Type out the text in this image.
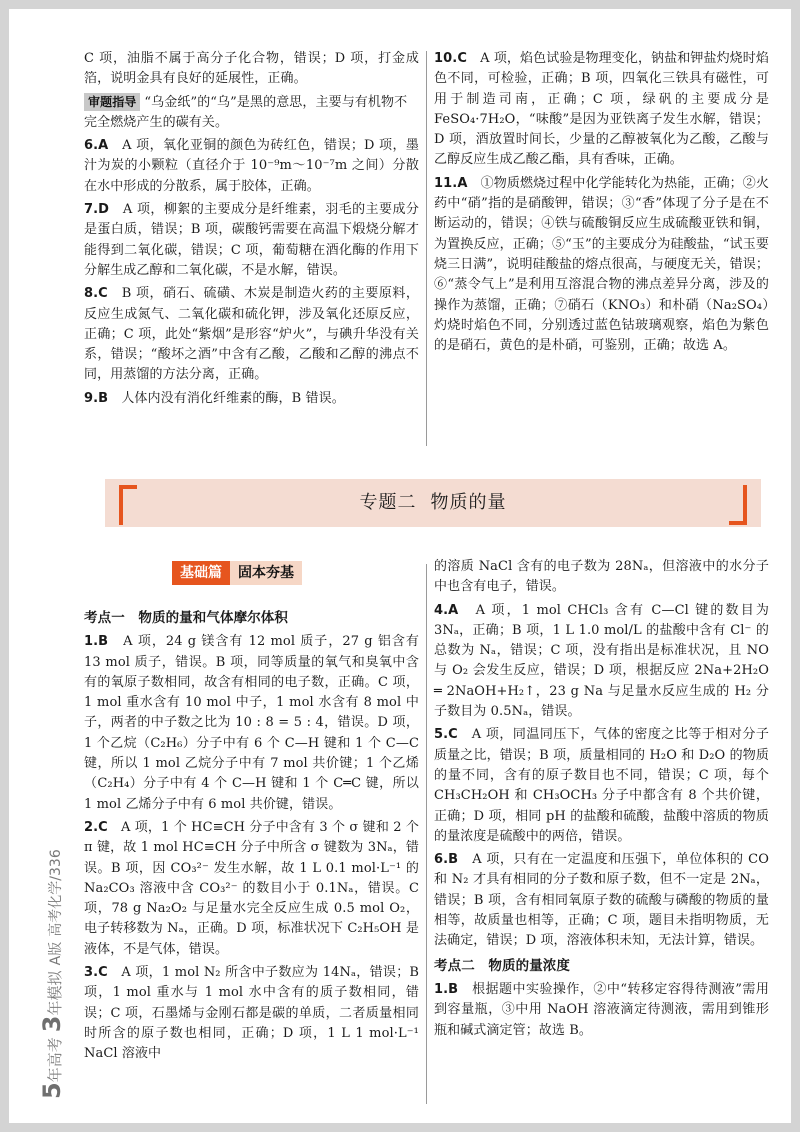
C 项，油脂不属于高分子化合物，错误；D 项，打金成箔，说明金具有良好的延展性，正确。

审题指导 “乌金纸”的“乌”是黑的意思，主要与有机物不完全燃烧产生的碳有关。

6.A　 A 项，氧化亚铜的颜色为砖红色，错误；D 项，墨汁为炭的小颗粒（直径介于 10⁻⁹m～10⁻⁷m 之间）分散在水中形成的分散系，属于胶体，正确。

7.D　 A 项，柳絮的主要成分是纤维素，羽毛的主要成分是蛋白质，错误；B 项，碳酸钙需要在高温下煅烧分解才能得到二氧化碳，错误；C 项，葡萄糖在酒化酶的作用下分解生成乙醇和二氧化碳，不是水解，错误。

8.C　 B 项，硝石、硫磺、木炭是制造火药的主要原料，反应生成氮气、二氧化碳和硫化钾，涉及氧化还原反应，正确；C 项，此处“紫烟”是形容“炉火”，与碘升华没有关系，错误；“酸坏之酒”中含有乙酸，乙酸和乙醇的沸点不同，用蒸馏的方法分离，正确。

9.B　 人体内没有消化纤维素的酶，B 错误。

10.C　 A 项，焰色试验是物理变化，钠盐和钾盐灼烧时焰色不同，可检验，正确；B 项，四氧化三铁具有磁性，可用于制造司南，正确；C 项，绿矾的主要成分是 FeSO₄·7H₂O，“味酸”是因为亚铁离子发生水解，错误；D 项，酒放置时间长，少量的乙醇被氧化为乙酸，乙酸与乙醇反应生成乙酸乙酯，具有香味，正确。

11.A　 ①物质燃烧过程中化学能转化为热能，正确；②火药中“硝”指的是硝酸钾，错误；③“香”体现了分子是在不断运动的，错误；④铁与硫酸铜反应生成硫酸亚铁和铜，为置换反应，正确；⑤“玉”的主要成分为硅酸盐，“试玉要烧三日满”，说明硅酸盐的熔点很高，与硬度无关，错误；⑥“蒸令气上”是利用互溶混合物的沸点差异分离，涉及的操作为蒸馏，正确；⑦硝石（KNO₃）和朴硝（Na₂SO₄）灼烧时焰色不同，分别透过蓝色钴玻璃观察，焰色为紫色的是硝石，黄色的是朴硝，可鉴别，正确；故选 A。

专题二 物质的量
基础篇	固本夯基
考点一　物质的量和气体摩尔体积

1.B　 A 项，24 g 镁含有 12 mol 质子，27 g 铝含有 13 mol 质子，错误。B 项，同等质量的氧气和臭氧中含有的氧原子数相同，故含有相同的电子数，正确。C 项，1 mol 重水含有 10 mol 中子，1 mol 水含有 8 mol 中子，两者的中子数之比为 10 : 8 = 5 : 4，错误。D 项，1 个乙烷（C₂H₆）分子中有 6 个 C—H 键和 1 个 C—C 键，所以 1 mol 乙烷分子中有 7 mol 共价键；1 个乙烯（C₂H₄）分子中有 4 个 C—H 键和 1 个 C═C 键，所以 1 mol 乙烯分子中有 6 mol 共价键，错误。

2.C　 A 项，1 个 HC≡CH 分子中含有 3 个 σ 键和 2 个 π 键，故 1 mol HC≡CH 分子中所含 σ 键数为 3Nₐ，错误。B 项，因 CO₃²⁻ 发生水解，故 1 L 0.1 mol·L⁻¹ 的 Na₂CO₃ 溶液中含 CO₃²⁻ 的数目小于 0.1Nₐ，错误。C 项，78 g Na₂O₂ 与足量水完全反应生成 0.5 mol O₂，电子转移数为 Nₐ，正确。D 项，标准状况下 C₂H₅OH 是液体，不是气体，错误。

3.C　 A 项，1 mol N₂ 所含中子数应为 14Nₐ，错误；B 项，1 mol 重水与 1 mol 水中含有的质子数相同，错误；C 项，石墨烯与金刚石都是碳的单质，二者质量相同时所含的原子数也相同，正确；D 项，1 L 1 mol·L⁻¹ NaCl 溶液中

的溶质 NaCl 含有的电子数为 28Nₐ，但溶液中的水分子中也含有电子，错误。

4.A　 A 项，1 mol CHCl₃ 含有 C—Cl 键的数目为 3Nₐ，正确；B 项，1 L 1.0 mol/L 的盐酸中含有 Cl⁻ 的总数为 Nₐ，错误；C 项，没有指出是标准状况，且 NO 与 O₂ 会发生反应，错误；D 项，根据反应 2Na+2H₂O ═ 2NaOH+H₂↑，23 g Na 与足量水反应生成的 H₂ 分子数目为 0.5Nₐ，错误。

5.C　 A 项，同温同压下，气体的密度之比等于相对分子质量之比，错误；B 项，质量相同的 H₂O 和 D₂O 的物质的量不同，含有的原子数目也不同，错误；C 项，每个 CH₃CH₂OH 和 CH₃OCH₃ 分子中都含有 8 个共价键，正确；D 项，相同 pH 的盐酸和硫酸，盐酸中溶质的物质的量浓度是硫酸中的两倍，错误。

6.B　 A 项，只有在一定温度和压强下，单位体积的 CO 和 N₂ 才具有相同的分子数和原子数，但不一定是 2Nₐ，错误；B 项，含有相同氧原子数的硫酸与磷酸的物质的量相等，故质量也相等，正确；C 项，题目未指明物质，无法确定，错误；D 项，溶液体积未知，无法计算，错误。

考点二　物质的量浓度

1.B　 根据题中实验操作，②中“转移定容得待测液”需用到容量瓶，③中用 NaOH 溶液滴定待测液，需用到锥形瓶和碱式滴定管；故选 B。

5年高考 3年模拟 A版 高考化学/336
